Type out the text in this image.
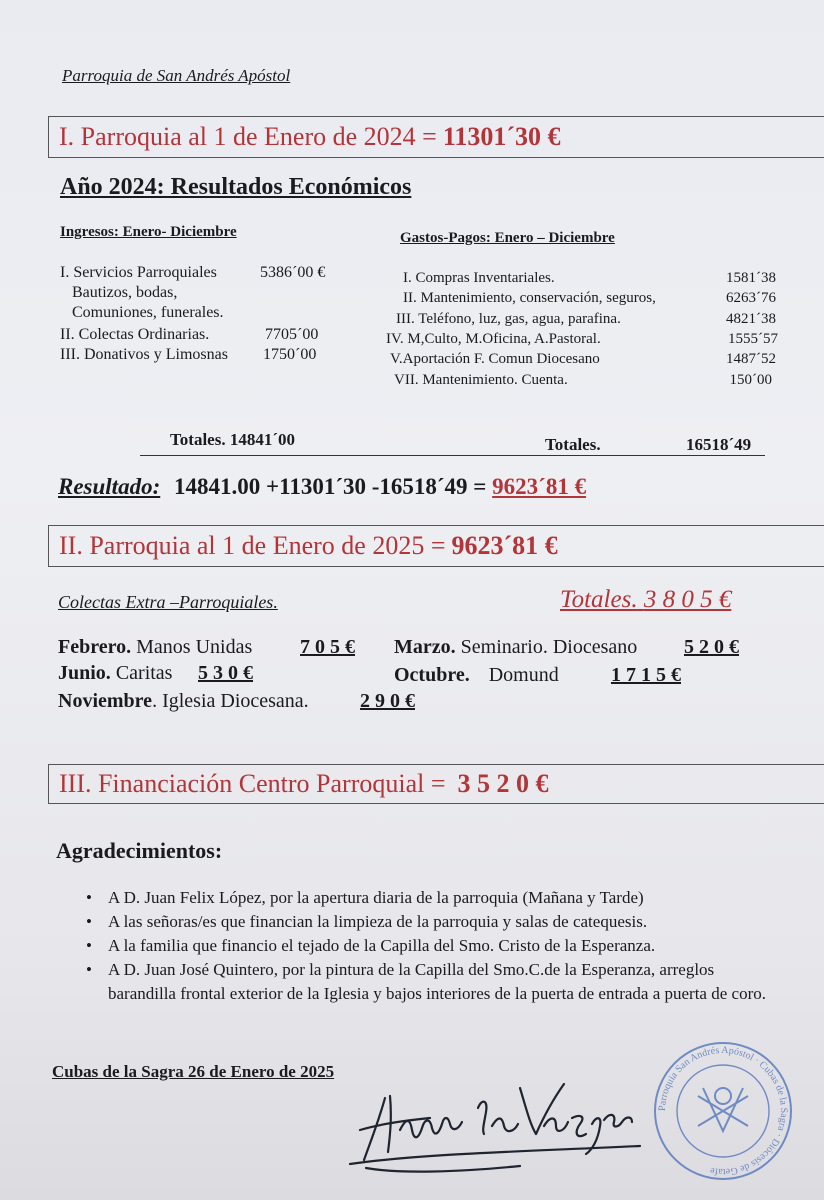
Parroquia de San Andrés Apóstol
I. Parroquia al 1 de Enero de 2024 = 11301´30 €
Año 2024: Resultados Económicos
Ingresos: Enero- Diciembre
I. Servicios Parroquiales	5386´00 €
Bautizos, bodas,
Comuniones, funerales.
II. Colectas Ordinarias.	7705´00
III. Donativos y Limosnas 1750´00
Gastos-Pagos: Enero – Diciembre
I. Compras Inventariales.	1581´38
II. Mantenimiento, conservación, seguros,	6263´76
III. Teléfono, luz, gas, agua, parafina.	4821´38
IV. M,Culto, M.Oficina, A.Pastoral.	1555´57
V.Aportación F. Comun Diocesano	1487´52
VII. Mantenimiento. Cuenta.	150´00
Totales. 14841´00	Totales.	16518´49
Resultado: 14841.00 +11301´30 -16518´49 = 9623´81 €
II. Parroquia al 1 de Enero de 2025 = 9623´81 €
Colectas Extra –Parroquiales.	Totales. 3 8 0 5 €
Febrero. Manos Unidas 7 0 5 € Marzo. Seminario. Diocesano 5 2 0 €
Junio. Caritas 5 3 0 €	Octubre. Domund	1 7 1 5 €
Noviembre. Iglesia Diocesana.	2 9 0 €
III. Financiación Centro Parroquial = 3 5 2 0 €
Agradecimientos:
• A D. Juan Felix López, por la apertura diaria de la parroquia (Mañana y Tarde)
• A las señoras/es que financian la limpieza de la parroquia y salas de catequesis.
• A la familia que financio el tejado de la Capilla del Smo. Cristo de la Esperanza.
• A D. Juan José Quintero, por la pintura de la Capilla del Smo.C.de la Esperanza, arreglos barandilla frontal exterior de la Iglesia y bajos interiores de la puerta de entrada a puerta de coro.
Cubas de la Sagra 26 de Enero de 2025
Parroquia San Andrés Apóstol · Cubas de la Sagra · Diócesis de Getafe
